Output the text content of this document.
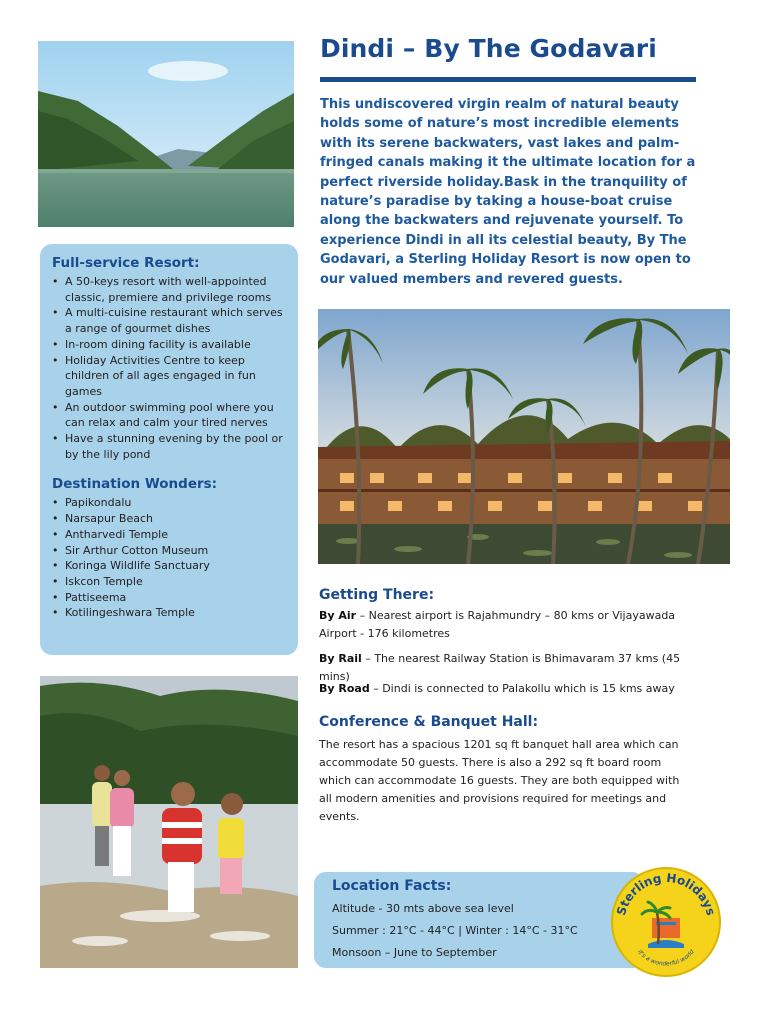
Dindi – By The Godavari

This undiscovered virgin realm of natural beauty holds some of nature’s most incredible elements with its serene backwaters, vast lakes and palm-fringed canals making it the ultimate location for a perfect riverside holiday.Bask in the tranquility of nature’s paradise by taking a house-boat cruise along the backwaters and rejuvenate yourself. To experience Dindi in all its celestial beauty, By The Godavari, a Sterling Holiday Resort is now open to our valued members and revered guests.

Full-service Resort:
• A 50-keys resort with well-appointed classic, premiere and privilege rooms
• A multi-cuisine restaurant which serves a range of gourmet dishes
• In-room dining facility is available
• Holiday Activities Centre to keep children of all ages engaged in fun games
• An outdoor swimming pool where you can relax and calm your tired nerves
• Have a stunning evening by the pool or by the lily pond
Destination Wonders:
• Papikondalu
• Narsapur Beach
• Antharvedi Temple
• Sir Arthur Cotton Museum
• Koringa Wildlife Sanctuary
• Iskcon Temple
• Pattiseema
• Kotilingeshwara Temple
Getting There:

By Air – Nearest airport is Rajahmundry – 80 kms or Vijayawada Airport - 176 kilometres

By Rail – The nearest Railway Station is Bhimavaram 37 kms (45 mins)

By Road – Dindi is connected to Palakollu which is 15 kms away

Conference & Banquet Hall:

The resort has a spacious 1201 sq ft banquet hall area which can accommodate 50 guests. There is also a 292 sq ft board room which can accommodate 16 guests. They are both equipped with all modern amenities and provisions required for meetings and events.

Location Facts:

Altitude - 30 mts above sea level

Summer : 21°C - 44°C | Winter : 14°C - 31°C

Monsoon – June to September

Sterling Holidays
it's a wonderful world
